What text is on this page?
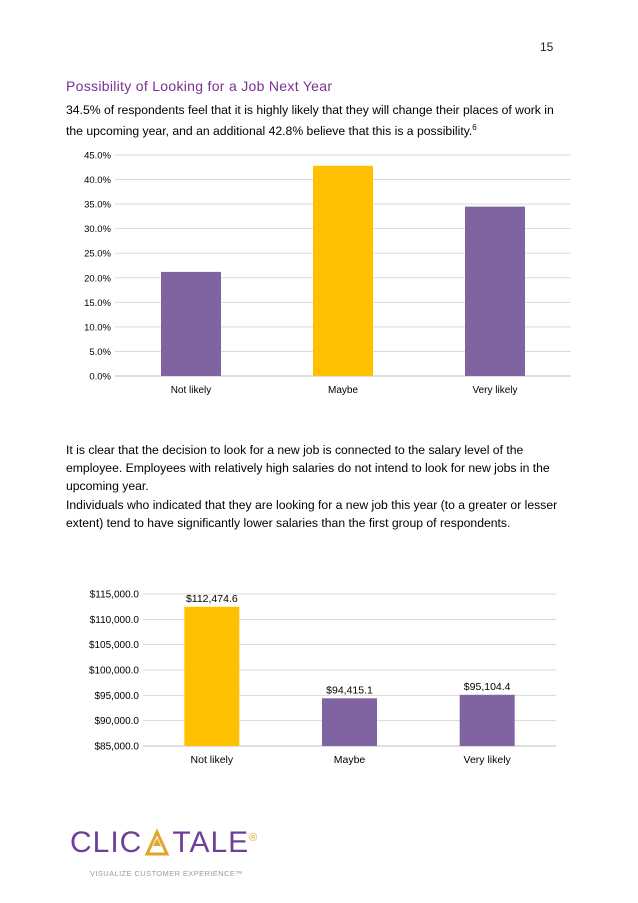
15
Possibility of Looking for a Job Next Year
34.5% of respondents feel that it is highly likely that they will change their places of work in the upcoming year, and an additional 42.8% believe that this is a possibility.$^6$
0.0%
5.0%
10.0%
15.0%
20.0%
25.0%
30.0%
35.0%
40.0%
45.0%
Not likely	Maybe	Very likely
It is clear that the decision to look for a new job is connected to the salary level of the employee. Employees with relatively high salaries do not intend to look for new jobs in the upcoming year.
Individuals who indicated that they are looking for a new job this year (to a greater or lesser extent) tend to have significantly lower salaries than the first group of respondents.
$85,000.0
$90,000.0
$95,000.0
$100,000.0
$105,000.0
$110,000.0
$115,000.0
Not likely
$112,474.6
Maybe
$94,415.1
Very likely
$95,104.4
CLIC TALE®
VISUALIZE CUSTOMER EXPERIENCE™
